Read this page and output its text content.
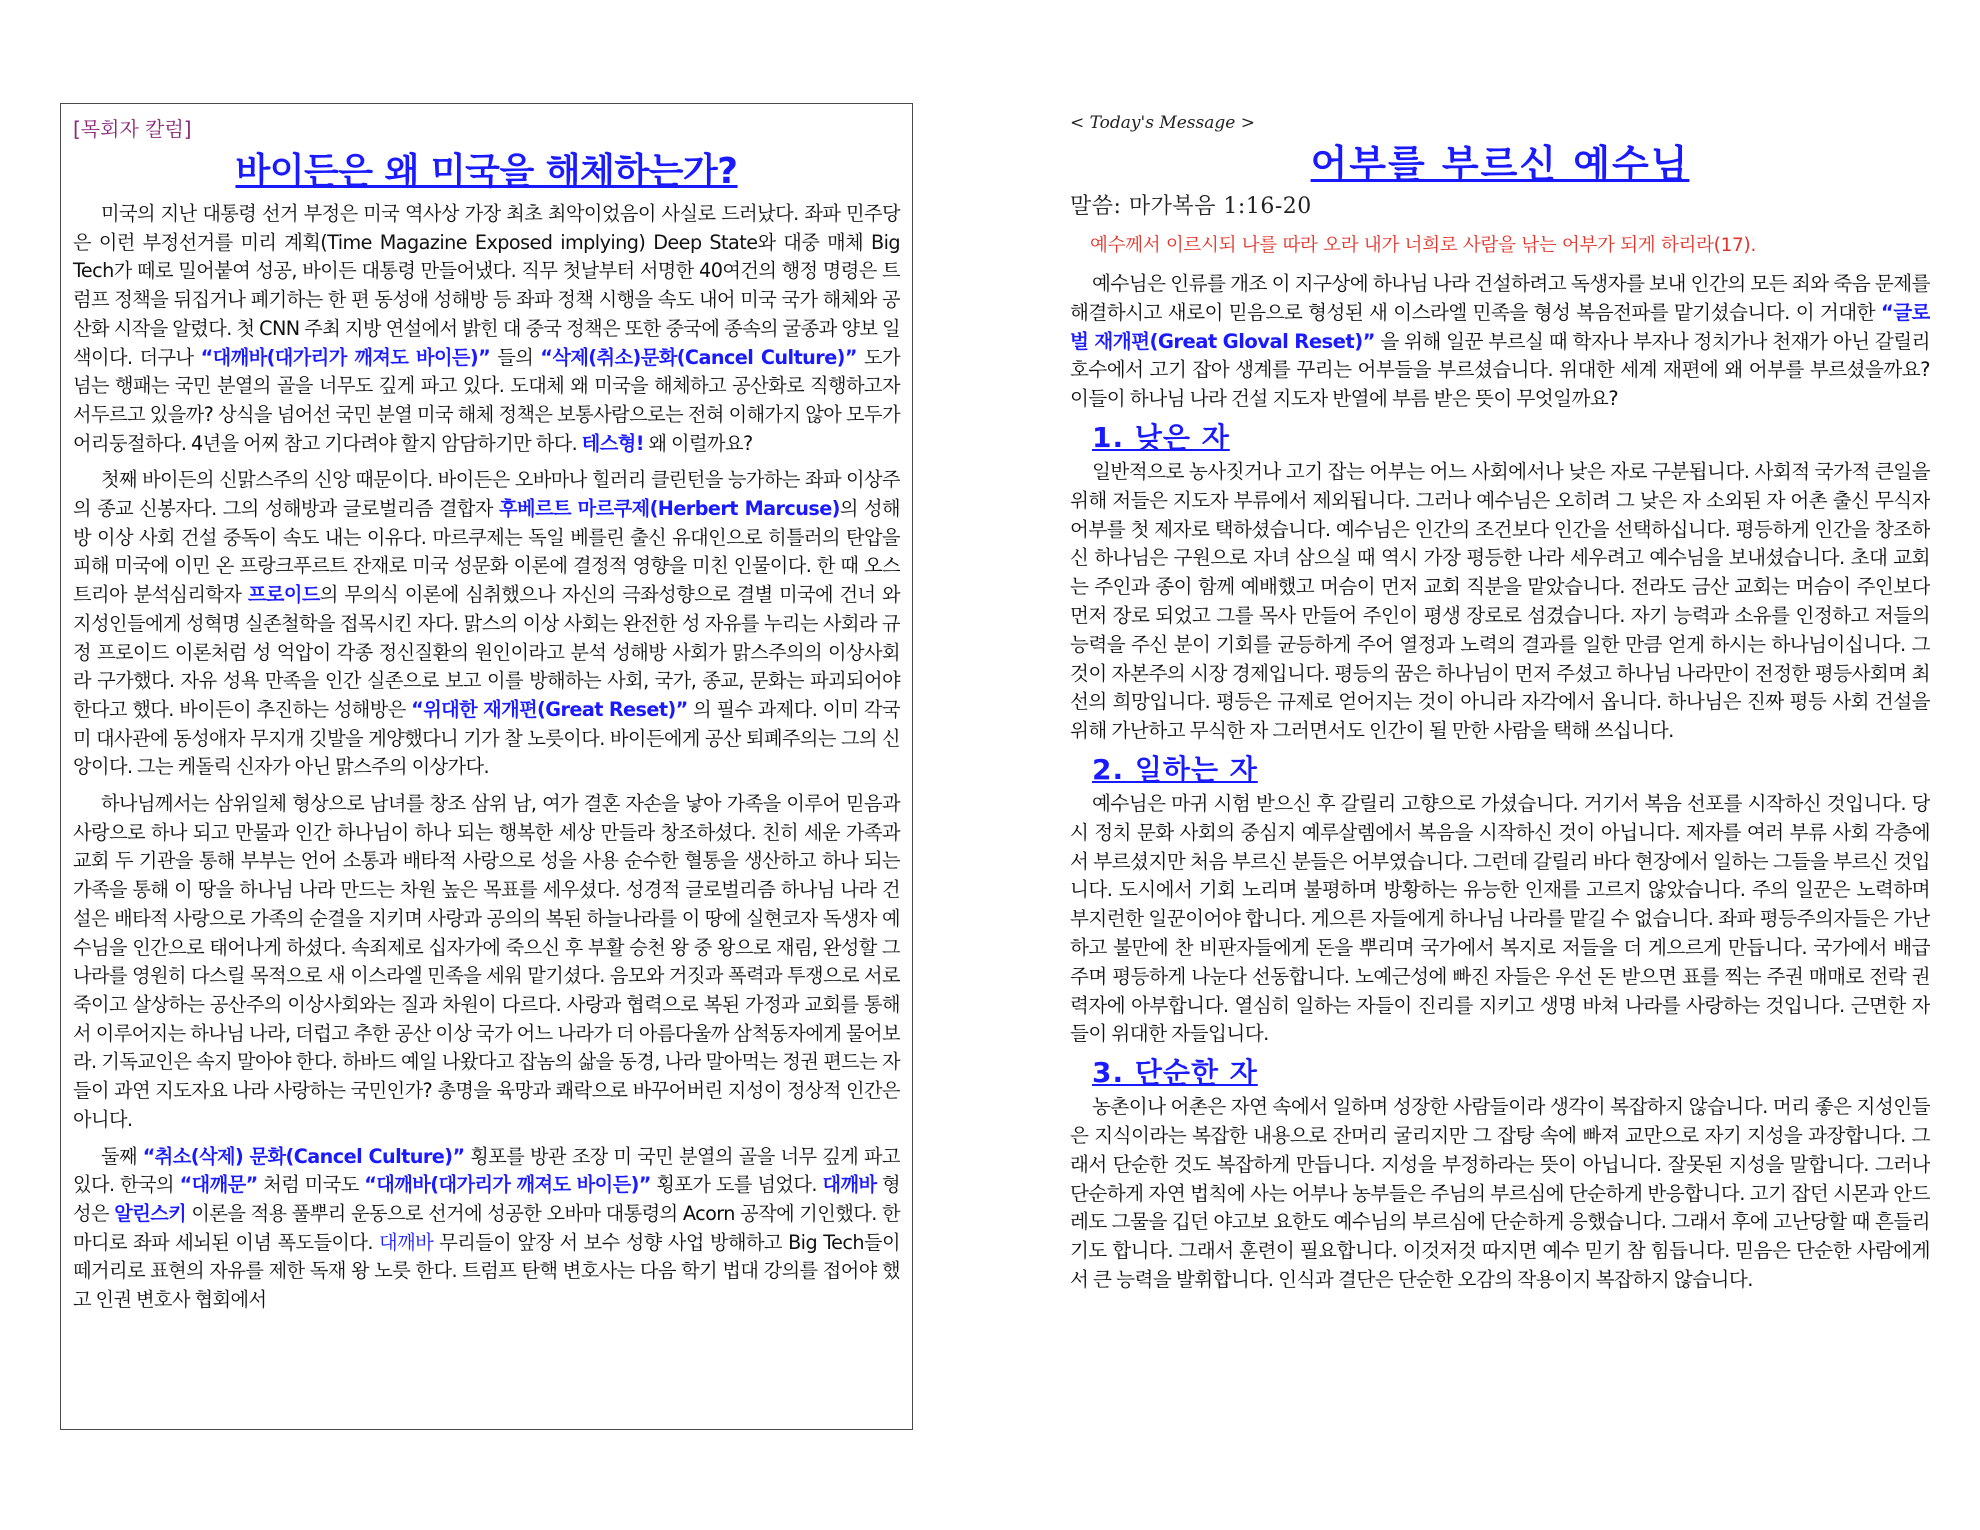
[목회자 칼럼]
바이든은 왜 미국을 해체하는가?

미국의 지난 대통령 선거 부정은 미국 역사상 가장 최초 최악이었음이 사실로 드러났다. 좌파 민주당은 이런 부정선거를 미리 계획(Time Magazine Exposed implying) Deep State와 대중 매체 Big Tech가 떼로 밀어붙여 성공, 바이든 대통령 만들어냈다. 직무 첫날부터 서명한 40여건의 행정 명령은 트럼프 정책을 뒤집거나 폐기하는 한 편 동성애 성해방 등 좌파 정책 시행을 속도 내어 미국 국가 해체와 공산화 시작을 알렸다. 첫 CNN 주최 지방 연설에서 밝힌 대 중국 정책은 또한 중국에 종속의 굴종과 양보 일색이다. 더구나 “대깨바(대가리가 깨져도 바이든)” 들의 “삭제(취소)문화(Cancel Culture)” 도가 넘는 행패는 국민 분열의 골을 너무도 깊게 파고 있다. 도대체 왜 미국을 해체하고 공산화로 직행하고자 서두르고 있을까? 상식을 넘어선 국민 분열 미국 해체 정책은 보통사람으로는 전혀 이해가지 않아 모두가 어리둥절하다. 4년을 어찌 참고 기다려야 할지 암담하기만 하다. 테스형! 왜 이럴까요?

첫째 바이든의 신맑스주의 신앙 때문이다. 바이든은 오바마나 힐러리 클린턴을 능가하는 좌파 이상주의 종교 신봉자다. 그의 성해방과 글로벌리즘 결합자 후베르트 마르쿠제(Herbert Marcuse)의 성해방 이상 사회 건설 중독이 속도 내는 이유다. 마르쿠제는 독일 베를린 출신 유대인으로 히틀러의 탄압을 피해 미국에 이민 온 프랑크푸르트 잔재로 미국 성문화 이론에 결정적 영향을 미친 인물이다. 한 때 오스트리아 분석심리학자 프로이드의 무의식 이론에 심취했으나 자신의 극좌성향으로 결별 미국에 건너 와 지성인들에게 성혁명 실존철학을 접목시킨 자다. 맑스의 이상 사회는 완전한 성 자유를 누리는 사회라 규정 프로이드 이론처럼 성 억압이 각종 정신질환의 원인이라고 분석 성해방 사회가 맑스주의의 이상사회라 구가했다. 자유 성욕 만족을 인간 실존으로 보고 이를 방해하는 사회, 국가, 종교, 문화는 파괴되어야 한다고 했다. 바이든이 추진하는 성해방은 “위대한 재개편(Great Reset)” 의 필수 과제다. 이미 각국 미 대사관에 동성애자 무지개 깃발을 게양했다니 기가 찰 노릇이다. 바이든에게 공산 퇴폐주의는 그의 신앙이다. 그는 케돌릭 신자가 아닌 맑스주의 이상가다.

하나님께서는 삼위일체 형상으로 남녀를 창조 삼위 남, 여가 결혼 자손을 낳아 가족을 이루어 믿음과 사랑으로 하나 되고 만물과 인간 하나님이 하나 되는 행복한 세상 만들라 창조하셨다. 친히 세운 가족과 교회 두 기관을 통해 부부는 언어 소통과 배타적 사랑으로 성을 사용 순수한 혈통을 생산하고 하나 되는 가족을 통해 이 땅을 하나님 나라 만드는 차원 높은 목표를 세우셨다. 성경적 글로벌리즘 하나님 나라 건설은 배타적 사랑으로 가족의 순결을 지키며 사랑과 공의의 복된 하늘나라를 이 땅에 실현코자 독생자 예수님을 인간으로 태어나게 하셨다. 속죄제로 십자가에 죽으신 후 부활 승천 왕 중 왕으로 재림, 완성할 그 나라를 영원히 다스릴 목적으로 새 이스라엘 민족을 세워 맡기셨다. 음모와 거짓과 폭력과 투쟁으로 서로 죽이고 살상하는 공산주의 이상사회와는 질과 차원이 다르다. 사랑과 협력으로 복된 가정과 교회를 통해서 이루어지는 하나님 나라, 더럽고 추한 공산 이상 국가 어느 나라가 더 아름다울까 삼척동자에게 물어보라. 기독교인은 속지 말아야 한다. 하바드 예일 나왔다고 잡놈의 삶을 동경, 나라 말아먹는 정권 편드는 자들이 과연 지도자요 나라 사랑하는 국민인가? 총명을 육망과 쾌락으로 바꾸어버린 지성이 정상적 인간은 아니다.

둘째 “취소(삭제) 문화(Cancel Culture)” 횡포를 방관 조장 미 국민 분열의 골을 너무 깊게 파고 있다. 한국의 “대깨문” 처럼 미국도 “대깨바(대가리가 깨져도 바이든)” 횡포가 도를 넘었다. 대깨바 형성은 알린스키 이론을 적용 풀뿌리 운동으로 선거에 성공한 오바마 대통령의 Acorn 공작에 기인했다. 한마디로 좌파 세뇌된 이념 폭도들이다. 대깨바 무리들이 앞장 서 보수 성향 사업 방해하고 Big Tech들이 떼거리로 표현의 자유를 제한 독재 왕 노릇 한다. 트럼프 탄핵 변호사는 다음 학기 법대 강의를 접어야 했고 인권 변호사 협회에서

< Today's Message >
어부를 부르신 예수님
말씀: 마가복음 1:16-20
예수께서 이르시되 나를 따라 오라 내가 너희로 사람을 낚는 어부가 되게 하리라(17).

예수님은 인류를 개조 이 지구상에 하나님 나라 건설하려고 독생자를 보내 인간의 모든 죄와 죽음 문제를 해결하시고 새로이 믿음으로 형성된 새 이스라엘 민족을 형성 복음전파를 맡기셨습니다. 이 거대한 “글로벌 재개편(Great Gloval Reset)” 을 위해 일꾼 부르실 때 학자나 부자나 정치가나 천재가 아닌 갈릴리 호수에서 고기 잡아 생계를 꾸리는 어부들을 부르셨습니다. 위대한 세계 재편에 왜 어부를 부르셨을까요? 이들이 하나님 나라 건설 지도자 반열에 부름 받은 뜻이 무엇일까요?

1. 낮은 자

일반적으로 농사짓거나 고기 잡는 어부는 어느 사회에서나 낮은 자로 구분됩니다. 사회적 국가적 큰일을 위해 저들은 지도자 부류에서 제외됩니다. 그러나 예수님은 오히려 그 낮은 자 소외된 자 어촌 출신 무식자 어부를 첫 제자로 택하셨습니다. 예수님은 인간의 조건보다 인간을 선택하십니다. 평등하게 인간을 창조하신 하나님은 구원으로 자녀 삼으실 때 역시 가장 평등한 나라 세우려고 예수님을 보내셨습니다. 초대 교회는 주인과 종이 함께 예배했고 머슴이 먼저 교회 직분을 맡았습니다. 전라도 금산 교회는 머슴이 주인보다 먼저 장로 되었고 그를 목사 만들어 주인이 평생 장로로 섬겼습니다. 자기 능력과 소유를 인정하고 저들의 능력을 주신 분이 기회를 균등하게 주어 열정과 노력의 결과를 일한 만큼 얻게 하시는 하나님이십니다. 그것이 자본주의 시장 경제입니다. 평등의 꿈은 하나님이 먼저 주셨고 하나님 나라만이 전정한 평등사회며 최선의 희망입니다. 평등은 규제로 얻어지는 것이 아니라 자각에서 옵니다. 하나님은 진짜 평등 사회 건설을 위해 가난하고 무식한 자 그러면서도 인간이 될 만한 사람을 택해 쓰십니다.

2. 일하는 자

예수님은 마귀 시험 받으신 후 갈릴리 고향으로 가셨습니다. 거기서 복음 선포를 시작하신 것입니다. 당시 정치 문화 사회의 중심지 예루살렘에서 복음을 시작하신 것이 아닙니다. 제자를 여러 부류 사회 각층에서 부르셨지만 처음 부르신 분들은 어부였습니다. 그런데 갈릴리 바다 현장에서 일하는 그들을 부르신 것입니다. 도시에서 기회 노리며 불평하며 방황하는 유능한 인재를 고르지 않았습니다. 주의 일꾼은 노력하며 부지런한 일꾼이어야 합니다. 게으른 자들에게 하나님 나라를 맡길 수 없습니다. 좌파 평등주의자들은 가난하고 불만에 찬 비판자들에게 돈을 뿌리며 국가에서 복지로 저들을 더 게으르게 만듭니다. 국가에서 배급 주며 평등하게 나눈다 선동합니다. 노예근성에 빠진 자들은 우선 돈 받으면 표를 찍는 주권 매매로 전락 권력자에 아부합니다. 열심히 일하는 자들이 진리를 지키고 생명 바쳐 나라를 사랑하는 것입니다. 근면한 자들이 위대한 자들입니다.

3. 단순한 자

농촌이나 어촌은 자연 속에서 일하며 성장한 사람들이라 생각이 복잡하지 않습니다. 머리 좋은 지성인들은 지식이라는 복잡한 내용으로 잔머리 굴리지만 그 잡탕 속에 빠져 교만으로 자기 지성을 과장합니다. 그래서 단순한 것도 복잡하게 만듭니다. 지성을 부정하라는 뜻이 아닙니다. 잘못된 지성을 말합니다. 그러나 단순하게 자연 법칙에 사는 어부나 농부들은 주님의 부르심에 단순하게 반응합니다. 고기 잡던 시몬과 안드레도 그물을 깁던 야고보 요한도 예수님의 부르심에 단순하게 응했습니다. 그래서 후에 고난당할 때 흔들리기도 합니다. 그래서 훈련이 필요합니다. 이것저것 따지면 예수 믿기 참 힘듭니다. 믿음은 단순한 사람에게서 큰 능력을 발휘합니다. 인식과 결단은 단순한 오감의 작용이지 복잡하지 않습니다.
